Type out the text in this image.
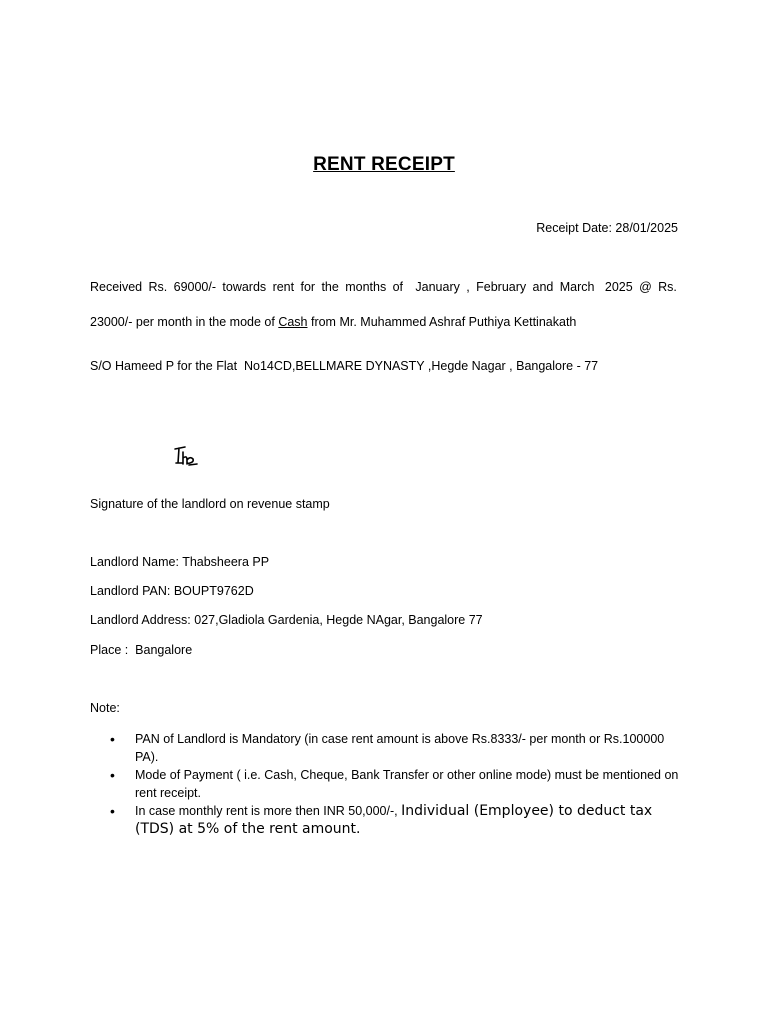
RENT RECEIPT
Receipt Date: 28/01/2025
Received Rs. 69000/- towards rent for the months of January , February and March 2025 @ Rs.
23000/- per month in the mode of Cash from Mr. Muhammed Ashraf Puthiya Kettinakath
S/O Hameed P for the Flat  No14CD,BELLMARE DYNASTY ,Hegde Nagar , Bangalore - 77
Signature of the landlord on revenue stamp
Landlord Name: Thabsheera PP
Landlord PAN: BOUPT9762D
Landlord Address: 027,Gladiola Gardenia, Hegde NAgar, Bangalore 77
Place :  Bangalore
Note:
• PAN of Landlord is Mandatory (in case rent amount is above Rs.8333/- per month or Rs.100000 PA).
• Mode of Payment ( i.e. Cash, Cheque, Bank Transfer or other online mode) must be mentioned on rent receipt.
• In case monthly rent is more then INR 50,000/-, Individual (Employee) to deduct tax (TDS) at 5% of the rent amount.
